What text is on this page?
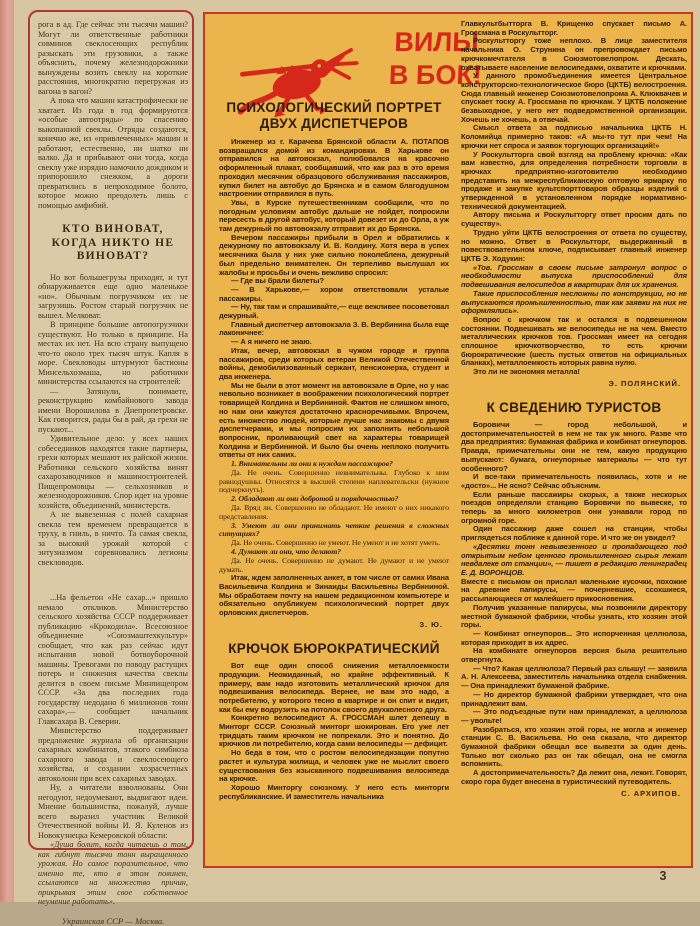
рога в ад. Где сейчас эти тысячи машин? Могут ли ответственные работники совминов свеклосеющих республик разыскать эти грузовики, а также объяснить, почему железнодорожники вынуждены возить свеклу на короткие расстояния, многократно перегружая из вагона в вагон?

А пока что машин катастрофически не хватает. Из года в год формируются «особые автоотряды» по спасению выкопанной свеклы. Отряды создаются, конечно же, из «привлеченных» машин и работают, естественно, ни шатко ни валко. Да и прибывают они тогда, когда свеклу уже изрядно намочило дождиком и припорошило снежком, а дороги превратились в непроходимое болото, которое можно преодолеть лишь с помощью амфибий.

КТО ВИНОВАТ,
КОГДА НИКТО НЕ
ВИНОВАТ?

Но вот большегрузы приходят, и тут обнаруживается еще одно маленькое «но». Обычным погрузчиком их не загрузишь. Ростом старый погрузчик не вышел. Мелковат.

В принципе большие автопогрузчики существуют. Но только в принципе. На местах их нет. На всю страну выпущено что-то около трех тысяч штук. Капля в море. Свекловоды штурмуют бастионы Минсельхозмаша, но работники министерства ссылаются на строителей:

— Затянули, понимаете, реконструкцию комбайнового завода имени Ворошилова в Днепропетровске. Как говорится, рады бы в рай, да грехи не пускают...

Удивительное дело: у всех наших собеседников находятся такие партнеры, грехи которых мешают их райской жизни. Работники сельского хозяйства винят сахарозаводчиков и машиностроителей. Пищепромовцы — сельхозников и железнодорожников. Спор идет на уровне хозяйств, объединений, министерств.

А не вывезенная с полей сахарная свекла тем временем превращается в труху, в гниль, в ничто. Та самая свекла, за высокий урожай которой с энтузиазмом соревновались легионы свекловодов.

...На фельетон «Не сахар...» пришло немало откликов. Министерство сельского хозяйства СССР поддерживает публикацию «Крокодила». Всесоюзное объединение «Союзмаштехкультур» сообщает, что как раз сейчас идут испытания новой ботвоуборочной машины. Тревогами по поводу растущих потерь и снижения качества свеклы делится в своем письме Минпищепром СССР. «За два последних года государству недодано 6 миллионов тонн сахара»,— сообщает начальник Главсахара В. Северин.

Министерство поддерживает предложение журнала об организации сахарных комбинатов, этакого симбиоза сахарного завода и свеклосеющего хозяйства, и создании хозрасчетных автоколонн при всех сахарных заводах.

Ну, а читатели взволнованы. Они негодуют, недоумевают, выдвигают идеи. Мнение большинства, пожалуй, лучше всего выразил участник Великой Отечественной войны И. Я. Куленов из Новокузнецка Кемеровской области:

«Душа болит, когда читаешь о том, как гибнут тысячи тонн выращенного урожая. Но самое поразительное, что именно те, кто в этом повинен, ссылаются на множество причин, прикрывая этим свое собственное неумение работать».

Украинская ССР — Москва.

ВИЛЫ
В БОК!
ПСИХОЛОГИЧЕСКИЙ ПОРТРЕТ ДВУХ ДИСПЕТЧЕРОВ

Инженер из г. Карачева Брянской области А. ПОТАПОВ возвращался домой из командировки. В Харькове он отправился на автовокзал, полюбовался на красочно оформленный плакат, сообщавший, что как раз в это время проходил месячник образцового обслуживания пассажиров, купил билет на автобус до Брянска и в самом благодушном настроении отправился в путь.

Увы, в Курске путешественникам сообщили, что по погодным условиям автобус дальше не пойдет, попросили пересесть в другой автобус, который довезет их до Орла, а уж там дежурный по автовокзалу отправит их до Брянска.

Вечером пассажиры прибыли в Орел и обратились к дежурному по автовокзалу И. В. Колдину. Хотя вера в успех месячника была у них уже сильно поколеблена, дежурный был предельно внимателен. Он терпеливо выслушал их жалобы и просьбы и очень вежливо спросил:

— Где вы брали билеты?

— В Харькове,— хором ответствовали усталые пассажиры.

— Ну, так там и спрашивайте,— еще вежливее посоветовал дежурный.

Главный диспетчер автовокзала З. В. Вербинина была еще лаконичнее:

— А я ничего не знаю.

Итак, вечер, автовокзал в чужом городе и группа пассажиров, среди которых ветеран Великой Отечественной войны, демобилизованный сержант, пенсионерка, студент и два инженера.

Мы не были в этот момент на автовокзале в Орле, но у нас невольно возникает в воображении психологический портрет товарищей Колдина и Вербининой. Фактов не слишком много, но нам они кажутся достаточно красноречивыми. Впрочем, есть множество людей, которые лучше нас знакомы с двумя диспетчерами, и мы попросим их заполнить небольшой вопросник, проливающий свет на характеры товарищей Колдина и Вербининой. И было бы очень неплохо получить ответы от них самих.

1. Внимательны ли они к нуждам пассажиров?

Да. Не очень. Совершенно невнимательны. Глубоко к ним равнодушны. Относятся в высшей степени наплевательски (нужное подчеркнуть).

2. Обладают ли они добротой и порядочностью?

Да. Вряд ли. Совершенно не обладают. Не имеют о них никакого представления.

3. Умеют ли они принимать четкие решения в сложных ситуациях?

Да. Не очень. Совершенно не умеют. Не умеют и не хотят уметь.

4. Думают ли они, что делают?

Да. Не очень. Совершенно не думают. Не думают и не умеют думать.

Итак, ждем заполненных анкет, в том числе от самих Ивана Васильевича Колдина и Зинаиды Васильевны Вербининой. Мы обработаем почту на нашем редакционном компьютере и обязательно опубликуем психологический портрет двух орловских диспетчеров.

З. Ю.

КРЮЧОК БЮРОКРАТИЧЕСКИЙ

Вот еще один способ снижения металлоемкости продукции. Неожиданный, но крайне эффективный. К примеру, вам надо изготовить металлический крючок для подвешивания велосипеда. Вернее, не вам это надо, а потребителю, у которого тесно в квартире и он спит и видит, как бы ему водрузить на потолок своего двухколесного друга.

Конкретно велосипедист А. ГРОССМАН шлет депешу в Минторг СССР. Союзный минторг шокирован. Его уже лет тридцать таким крючком не попрекали. Это и понятно. До крючков ли потребителю, когда сами велосипеды — дефицит.

Но беда в том, что с ростом велосипедизации попутно растет и культура жилища, и человек уже не мыслит своего существования без изысканного подвешивания велосипеда на крючке.

Хорошо Минторгу союзному. У него есть минторги республиканские. И заместитель начальника

Главкультбытторга В. Крищенко спускает письмо А. Гроссмана в Роскультторг.

Роскультторгу тоже неплохо. В лице заместителя начальника О. Струнина он препровождает письмо крючкомечтателя в Союзмотовелопром. Дескать, охватываете население велосипедами, охватите и крючками.

У данного промобъединения имеется Центральное конструкторско-технологическое бюро (ЦКТБ) велостроения. Сюда главный инженер Союзмотовелопрома А. Клюквачев и спускает тоску А. Гроссмана по крючкам. У ЦКТБ положение безвыходное, у него нет подведомственной организации. Хочешь не хочешь, а отвечай.

Смысл ответа за подписью начальника ЦКТБ Н. Коломийца примерно таков: «А мы-то тут при чем! На крючки нет спроса и заявок торгующих организаций!»

У Роскультторга свой взгляд на проблему крючка: «Как вам известно, для определения потребности торговли в крючках предприятию-изготовителю необходимо представить на межреспубликанскую оптовую ярмарку по продаже и закупке культспорттоваров образцы изделий с утвержденной в установленном порядке нормативно-технической документацией.

Автору письма и Роскультторгу ответ просим дать по существу».

Трудно уйти ЦКТБ велостроения от ответа по существу, но можно. Ответ в Роскультторг, выдержанный в повествовательном ключе, подписывает главный инженер ЦКТБ Э. Ходукин:

«Тов. Гроссман в своем письме затронул вопрос о необходимости выпуска приспособлений для подвешивания велосипедов в квартирах для их хранения.

Такие приспособления несложны по конструкции, но не выпускаются промышленностью, так как заявки на них не оформлялись».

Вопрос с крючком так и остался в подвешенном состоянии. Подвешивать же велосипеды не на чем. Вместо металлических крючков тов. Гроссман имеет на сегодня сплошное крючкотворчество, то есть крючки бюрократические (шесть пустых ответов на официальных бланках), металлоемкость которых равна нулю.

Это ли не экономия металла!

Э. ПОЛЯНСКИЙ.

К СВЕДЕНИЮ ТУРИСТОВ

Боровичи — город небольшой, и достопримечательностей в нем не так уж много. Разве что два предприятия: бумажная фабрика и комбинат огнеупоров. Правда, примечательны они не тем, какую продукцию выпускают: бумага, огнеупорные материалы — что тут особенного?

И все-таки примечательность появилась, хотя и не «досто»... Не ясно? Сейчас объясним.

Если раньше пассажиры скорых, а также нескорых поездов определяли станцию Боровичи по вывеске, то теперь за много километров они узнавали город по огромной горе.

Один пассажир даже сошел на станции, чтобы приглядеться поближе к данной горе. И что же он увидел?

«Десятки тонн невывезенного и пропадающего под открытым небом ценного промышленного сырья лежат невдалеке от станции», — пишет в редакцию ленинградец Е. Д. ВОРОНЦОВ.

Вместе с письмом он прислал маленькие кусочки, похожие на древние папирусы, — почерневшие, ссохшиеся, рассыпающиеся от малейшего прикосновения.

Получив указанные папирусы, мы позвонили директору местной бумажной фабрики, чтобы узнать, кто хозяин этой горы.

— Комбинат огнеупоров... Это испорченная целлюлоза, которая приходит в их адрес.

На комбинате огнеупоров версия была решительно отвергнута.

— Что? Какая целлюлоза? Первый раз слышу! — заявила А. Н. Алексеева, заместитель начальника отдела снабжения.— Она принадлежит бумажной фабрике.

— Но директор бумажной фабрики утверждает, что она принадлежит вам.

— Это подъездные пути нам принадлежат, а целлюлоза — увольте!

Разобраться, кто хозяин этой горы, не могла и инженер станции С. В. Васильева. Но она сказала, что директор бумажной фабрики обещал все вывезти за один день. Только вот сколько раз он так обещал, она не смогла вспомнить.

А достопримечательность? Да лежит она, лежит. Говорят, скоро гора будет внесена в туристический путеводитель.

С. АРХИПОВ.

3
